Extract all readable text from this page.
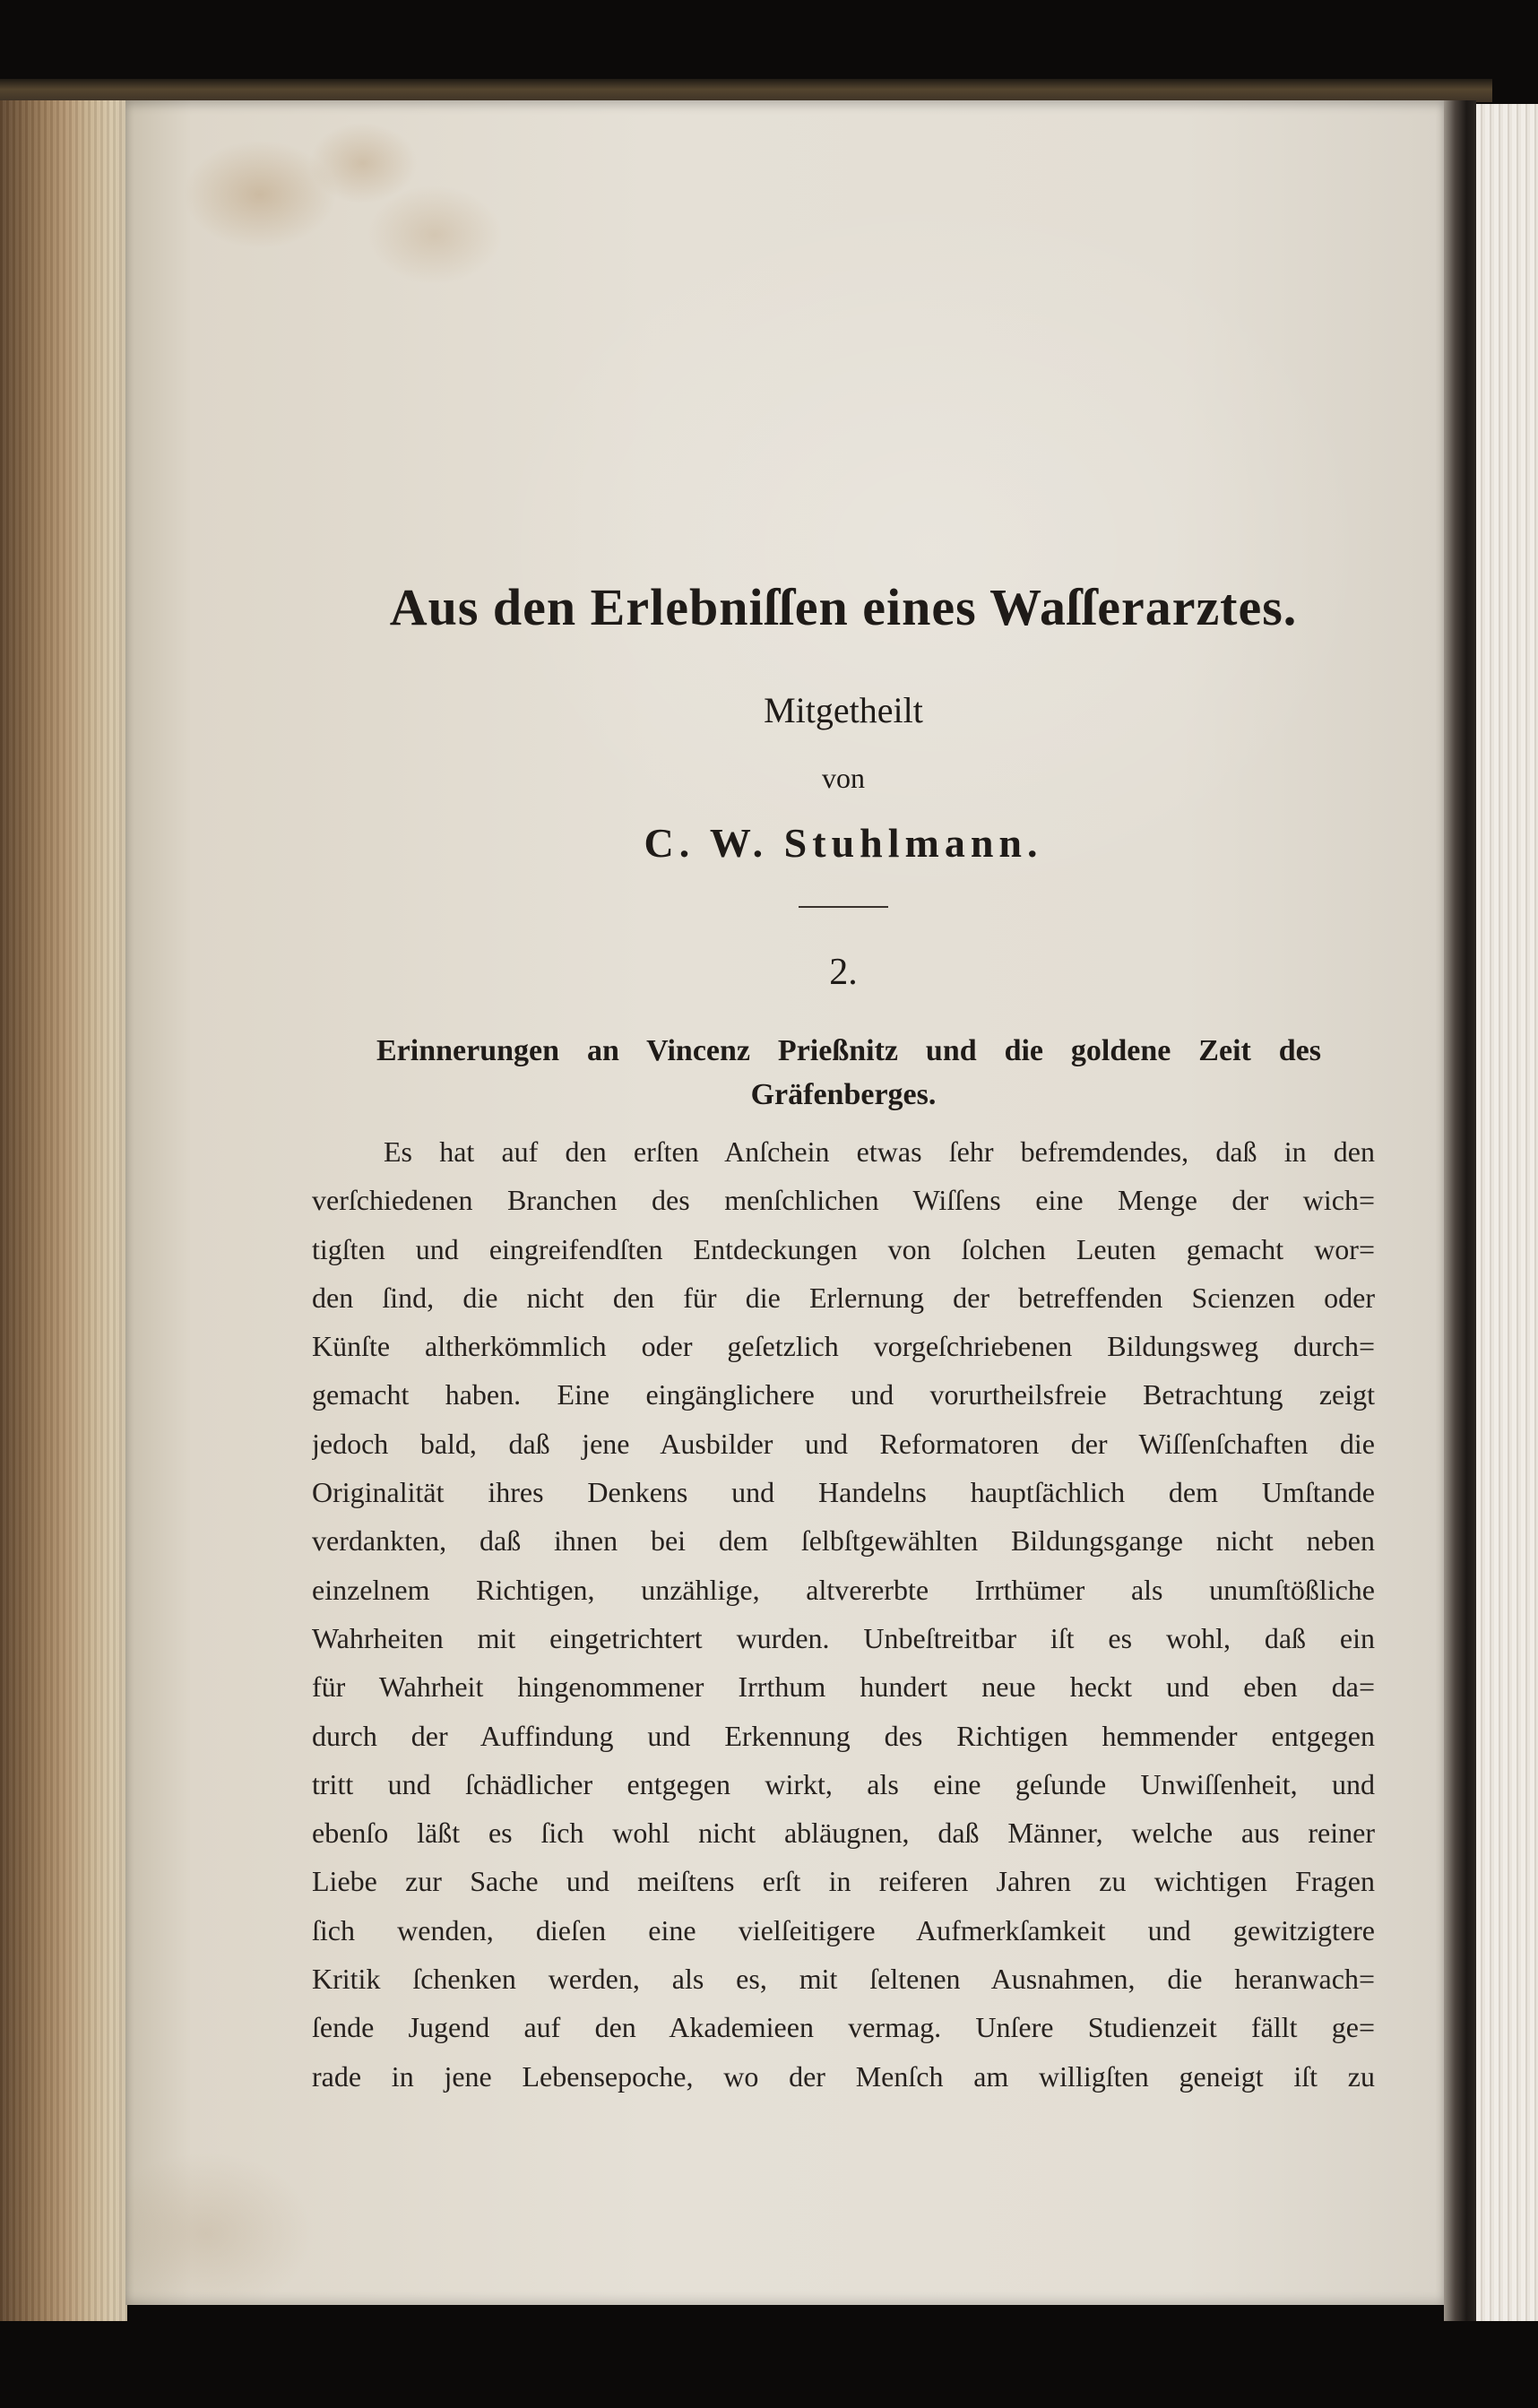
Aus den Erlebniſſen eines Waſſerarztes.
Mitgetheilt
von
C. W. Stuhlmann.
2.
Erinnerungen an Vincenz Prießnitz und die goldene Zeit des
Gräfenberges.
Es hat auf den erſten Anſchein etwas ſehr befremdendes, daß in den
verſchiedenen Branchen des menſchlichen Wiſſens eine Menge der wich=
tigſten und eingreifendſten Entdeckungen von ſolchen Leuten gemacht wor=
den ſind, die nicht den für die Erlernung der betreffenden Scienzen oder
Künſte altherkömmlich oder geſetzlich vorgeſchriebenen Bildungsweg durch=
gemacht haben. Eine eingänglichere und vorurtheilsfreie Betrachtung zeigt
jedoch bald, daß jene Ausbilder und Reformatoren der Wiſſenſchaften die
Originalität ihres Denkens und Handelns hauptſächlich dem Umſtande
verdankten, daß ihnen bei dem ſelbſtgewählten Bildungsgange nicht neben
einzelnem Richtigen, unzählige, altvererbte Irrthümer als unumſtößliche
Wahrheiten mit eingetrichtert wurden. Unbeſtreitbar iſt es wohl, daß ein
für Wahrheit hingenommener Irrthum hundert neue heckt und eben da=
durch der Auffindung und Erkennung des Richtigen hemmender entgegen
tritt und ſchädlicher entgegen wirkt, als eine geſunde Unwiſſenheit, und
ebenſo läßt es ſich wohl nicht abläugnen, daß Männer, welche aus reiner
Liebe zur Sache und meiſtens erſt in reiferen Jahren zu wichtigen Fragen
ſich wenden, dieſen eine vielſeitigere Aufmerkſamkeit und gewitzigtere
Kritik ſchenken werden, als es, mit ſeltenen Ausnahmen, die heranwach=
ſende Jugend auf den Akademieen vermag. Unſere Studienzeit fällt ge=
rade in jene Lebensepoche, wo der Menſch am willigſten geneigt iſt zu
